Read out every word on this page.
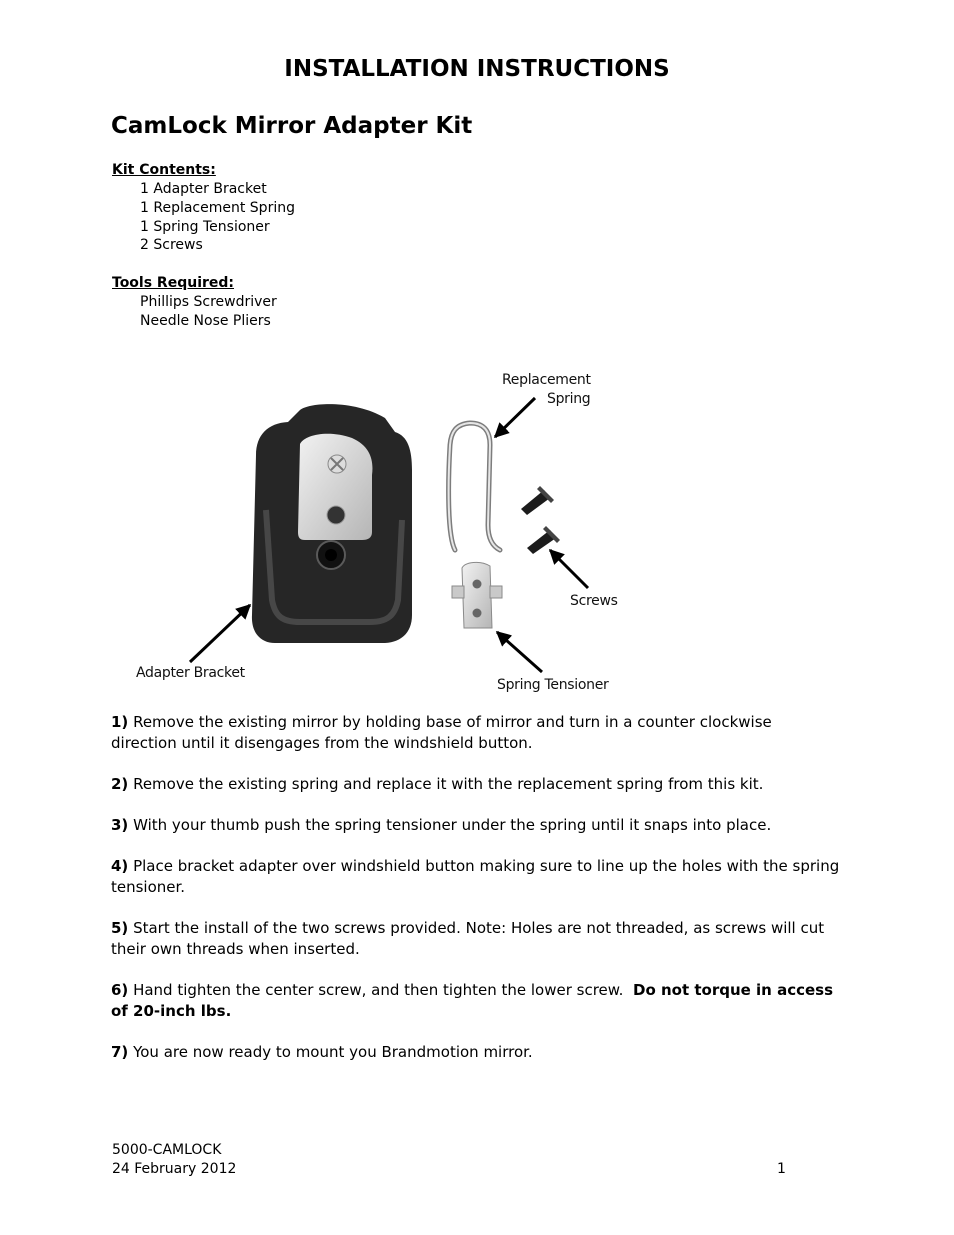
INSTALLATION INSTRUCTIONS
CamLock Mirror Adapter Kit

Kit Contents:

1 Adapter Bracket
1 Replacement Spring
1 Spring Tensioner
2 Screws

Tools Required:

Phillips Screwdriver
Needle Nose Pliers
Replacement
Spring
Screws
Adapter Bracket
Spring Tensioner

1) Remove the existing mirror by holding base of mirror and turn in a counter clockwise direction until it disengages from the windshield button.

2) Remove the existing spring and replace it with the replacement spring from this kit.

3) With your thumb push the spring tensioner under the spring until it snaps into place.

4) Place bracket adapter over windshield button making sure to line up the holes with the spring tensioner.

5) Start the install of the two screws provided. Note: Holes are not threaded, as screws will cut their own threads when inserted.

6) Hand tighten the center screw, and then tighten the lower screw. Do not torque in access of 20-inch lbs.

7) You are now ready to mount you Brandmotion mirror.

5000-CAMLOCK

24 February 2012	1
